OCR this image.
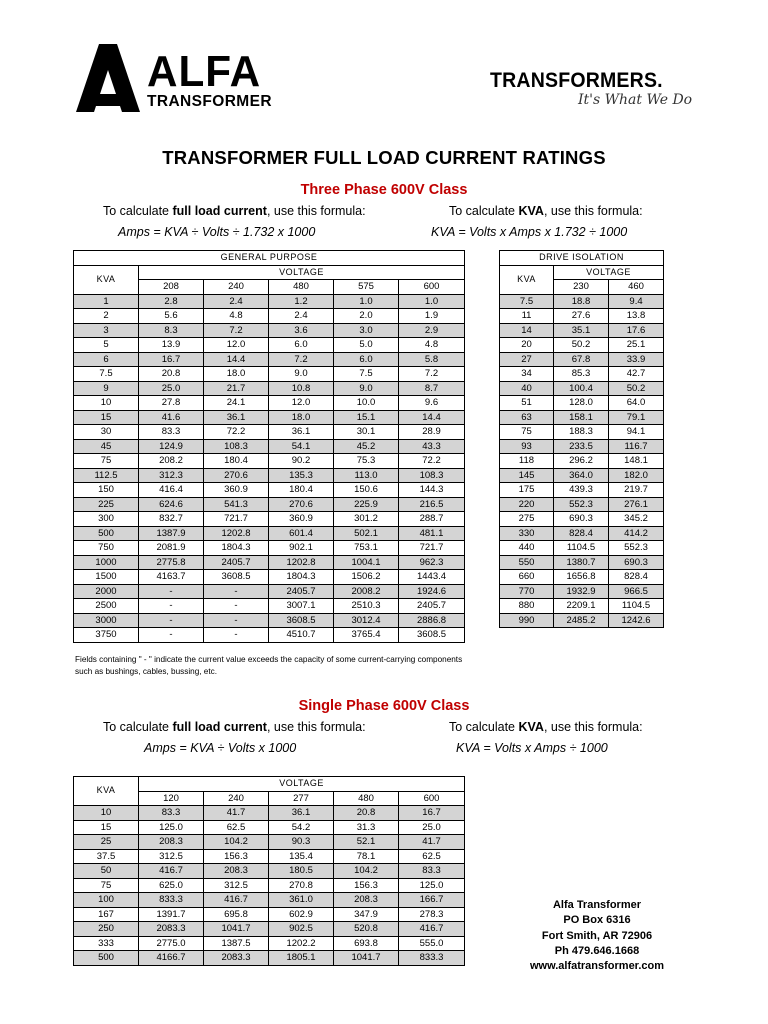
ALFA
TRANSFORMER
TRANSFORMERS.
It's What We Do
TRANSFORMER FULL LOAD CURRENT RATINGS
Three Phase 600V Class
To calculate full load current, use this formula:
Amps = KVA ÷ Volts ÷ 1.732 x 1000
To calculate KVA, use this formula:
KVA = Volts x Amps x 1.732 ÷ 1000
GENERAL PURPOSE					
KVA	VOLTAGE				
	208	240	480	575	600
1	2.8	2.4	1.2	1.0	1.0
2	5.6	4.8	2.4	2.0	1.9
3	8.3	7.2	3.6	3.0	2.9
5	13.9	12.0	6.0	5.0	4.8
6	16.7	14.4	7.2	6.0	5.8
7.5	20.8	18.0	9.0	7.5	7.2
9	25.0	21.7	10.8	9.0	8.7
10	27.8	24.1	12.0	10.0	9.6
15	41.6	36.1	18.0	15.1	14.4
30	83.3	72.2	36.1	30.1	28.9
45	124.9	108.3	54.1	45.2	43.3
75	208.2	180.4	90.2	75.3	72.2
112.5	312.3	270.6	135.3	113.0	108.3
150	416.4	360.9	180.4	150.6	144.3
225	624.6	541.3	270.6	225.9	216.5
300	832.7	721.7	360.9	301.2	288.7
500	1387.9	1202.8	601.4	502.1	481.1
750	2081.9	1804.3	902.1	753.1	721.7
1000	2775.8	2405.7	1202.8	1004.1	962.3
1500	4163.7	3608.5	1804.3	1506.2	1443.4
2000	-	-	2405.7	2008.2	1924.6
2500	-	-	3007.1	2510.3	2405.7
3000	-	-	3608.5	3012.4	2886.8
3750	-	-	4510.7	3765.4	3608.5
Fields containing " - " indicate the current value exceeds the capacity of some current-carrying components such as bushings, cables, bussing, etc.
DRIVE ISOLATION		
KVA	VOLTAGE	
	230	460
7.5	18.8	9.4
11	27.6	13.8
14	35.1	17.6
20	50.2	25.1
27	67.8	33.9
34	85.3	42.7
40	100.4	50.2
51	128.0	64.0
63	158.1	79.1
75	188.3	94.1
93	233.5	116.7
118	296.2	148.1
145	364.0	182.0
175	439.3	219.7
220	552.3	276.1
275	690.3	345.2
330	828.4	414.2
440	1104.5	552.3
550	1380.7	690.3
660	1656.8	828.4
770	1932.9	966.5
880	2209.1	1104.5
990	2485.2	1242.6
Single Phase 600V Class
To calculate full load current, use this formula:
Amps = KVA ÷ Volts x 1000
To calculate KVA, use this formula:
KVA = Volts x Amps ÷ 1000
KVA	VOLTAGE				
	120	240	277	480	600
10	83.3	41.7	36.1	20.8	16.7
15	125.0	62.5	54.2	31.3	25.0
25	208.3	104.2	90.3	52.1	41.7
37.5	312.5	156.3	135.4	78.1	62.5
50	416.7	208.3	180.5	104.2	83.3
75	625.0	312.5	270.8	156.3	125.0
100	833.3	416.7	361.0	208.3	166.7
167	1391.7	695.8	602.9	347.9	278.3
250	2083.3	1041.7	902.5	520.8	416.7
333	2775.0	1387.5	1202.2	693.8	555.0
500	4166.7	2083.3	1805.1	1041.7	833.3
Alfa Transformer
PO Box 6316
Fort Smith, AR 72906
Ph 479.646.1668
www.alfatransformer.com
